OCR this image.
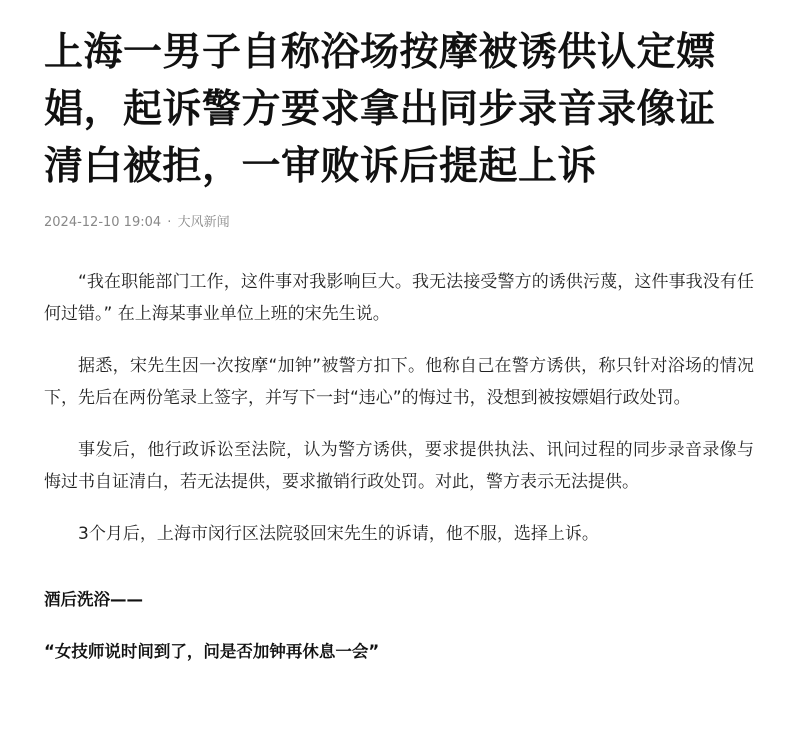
上海一男子自称浴场按摩被诱供认定嫖娼，起诉警方要求拿出同步录音录像证清白被拒，一审败诉后提起上诉
2024-12-10 19:04 · 大风新闻

“我在职能部门工作，这件事对我影响巨大。我无法接受警方的诱供污蔑，这件事我没有任何过错。” 在上海某事业单位上班的宋先生说。

据悉，宋先生因一次按摩“加钟”被警方扣下。他称自己在警方诱供，称只针对浴场的情况下，先后在两份笔录上签字，并写下一封“违心”的悔过书，没想到被按嫖娼行政处罚。

事发后，他行政诉讼至法院，认为警方诱供，要求提供执法、讯问过程的同步录音录像与悔过书自证清白，若无法提供，要求撤销行政处罚。对此，警方表示无法提供。

3个月后，上海市闵行区法院驳回宋先生的诉请，他不服，选择上诉。

酒后洗浴——

“女技师说时间到了，问是否加钟再休息一会”
